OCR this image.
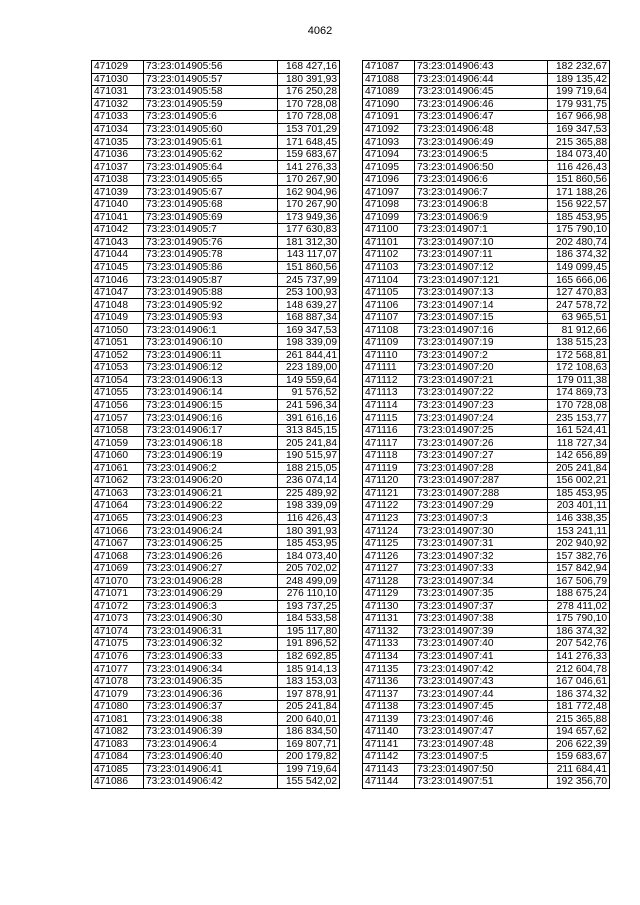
4062
471029	73:23:014905:56	168 427,16
471030	73:23:014905:57	180 391,93
471031	73:23:014905:58	176 250,28
471032	73:23:014905:59	170 728,08
471033	73:23:014905:6	170 728,08
471034	73:23:014905:60	153 701,29
471035	73:23:014905:61	171 648,45
471036	73:23:014905:62	159 683,67
471037	73:23:014905:64	141 276,33
471038	73:23:014905:65	170 267,90
471039	73:23:014905:67	162 904,96
471040	73:23:014905:68	170 267,90
471041	73:23:014905:69	173 949,36
471042	73:23:014905:7	177 630,83
471043	73:23:014905:76	181 312,30
471044	73:23:014905:78	143 117,07
471045	73:23:014905:86	151 860,56
471046	73:23:014905:87	245 737,99
471047	73:23:014905:88	253 100,93
471048	73:23:014905:92	148 639,27
471049	73:23:014905:93	168 887,34
471050	73:23:014906:1	169 347,53
471051	73:23:014906:10	198 339,09
471052	73:23:014906:11	261 844,41
471053	73:23:014906:12	223 189,00
471054	73:23:014906:13	149 559,64
471055	73:23:014906:14	91 576,52
471056	73:23:014906:15	241 596,34
471057	73:23:014906:16	391 616,16
471058	73:23:014906:17	313 845,15
471059	73:23:014906:18	205 241,84
471060	73:23:014906:19	190 515,97
471061	73:23:014906:2	188 215,05
471062	73:23:014906:20	236 074,14
471063	73:23:014906:21	225 489,92
471064	73:23:014906:22	198 339,09
471065	73:23:014906:23	116 426,43
471066	73:23:014906:24	180 391,93
471067	73:23:014906:25	185 453,95
471068	73:23:014906:26	184 073,40
471069	73:23:014906:27	205 702,02
471070	73:23:014906:28	248 499,09
471071	73:23:014906:29	276 110,10
471072	73:23:014906:3	193 737,25
471073	73:23:014906:30	184 533,58
471074	73:23:014906:31	195 117,80
471075	73:23:014906:32	191 896,52
471076	73:23:014906:33	182 692,85
471077	73:23:014906:34	185 914,13
471078	73:23:014906:35	183 153,03
471079	73:23:014906:36	197 878,91
471080	73:23:014906:37	205 241,84
471081	73:23:014906:38	200 640,01
471082	73:23:014906:39	186 834,50
471083	73:23:014906:4	169 807,71
471084	73:23:014906:40	200 179,82
471085	73:23:014906:41	199 719,64
471086	73:23:014906:42	155 542,02
471087	73:23:014906:43	182 232,67
471088	73:23:014906:44	189 135,42
471089	73:23:014906:45	199 719,64
471090	73:23:014906:46	179 931,75
471091	73:23:014906:47	167 966,98
471092	73:23:014906:48	169 347,53
471093	73:23:014906:49	215 365,88
471094	73:23:014906:5	184 073,40
471095	73:23:014906:50	116 426,43
471096	73:23:014906:6	151 860,56
471097	73:23:014906:7	171 188,26
471098	73:23:014906:8	156 922,57
471099	73:23:014906:9	185 453,95
471100	73:23:014907:1	175 790,10
471101	73:23:014907:10	202 480,74
471102	73:23:014907:11	186 374,32
471103	73:23:014907:12	149 099,45
471104	73:23:014907:121	165 666,06
471105	73:23:014907:13	127 470,83
471106	73:23:014907:14	247 578,72
471107	73:23:014907:15	63 965,51
471108	73:23:014907:16	81 912,66
471109	73:23:014907:19	138 515,23
471110	73:23:014907:2	172 568,81
471111	73:23:014907:20	172 108,63
471112	73:23:014907:21	179 011,38
471113	73:23:014907:22	174 869,73
471114	73:23:014907:23	170 728,08
471115	73:23:014907:24	235 153,77
471116	73:23:014907:25	161 524,41
471117	73:23:014907:26	118 727,34
471118	73:23:014907:27	142 656,89
471119	73:23:014907:28	205 241,84
471120	73:23:014907:287	156 002,21
471121	73:23:014907:288	185 453,95
471122	73:23:014907:29	203 401,11
471123	73:23:014907:3	146 338,35
471124	73:23:014907:30	153 241,11
471125	73:23:014907:31	202 940,92
471126	73:23:014907:32	157 382,76
471127	73:23:014907:33	157 842,94
471128	73:23:014907:34	167 506,79
471129	73:23:014907:35	188 675,24
471130	73:23:014907:37	278 411,02
471131	73:23:014907:38	175 790,10
471132	73:23:014907:39	186 374,32
471133	73:23:014907:40	207 542,76
471134	73:23:014907:41	141 276,33
471135	73:23:014907:42	212 604,78
471136	73:23:014907:43	167 046,61
471137	73:23:014907:44	186 374,32
471138	73:23:014907:45	181 772,48
471139	73:23:014907:46	215 365,88
471140	73:23:014907:47	194 657,62
471141	73:23:014907:48	206 622,39
471142	73:23:014907:5	159 683,67
471143	73:23:014907:50	211 684,41
471144	73:23:014907:51	192 356,70
